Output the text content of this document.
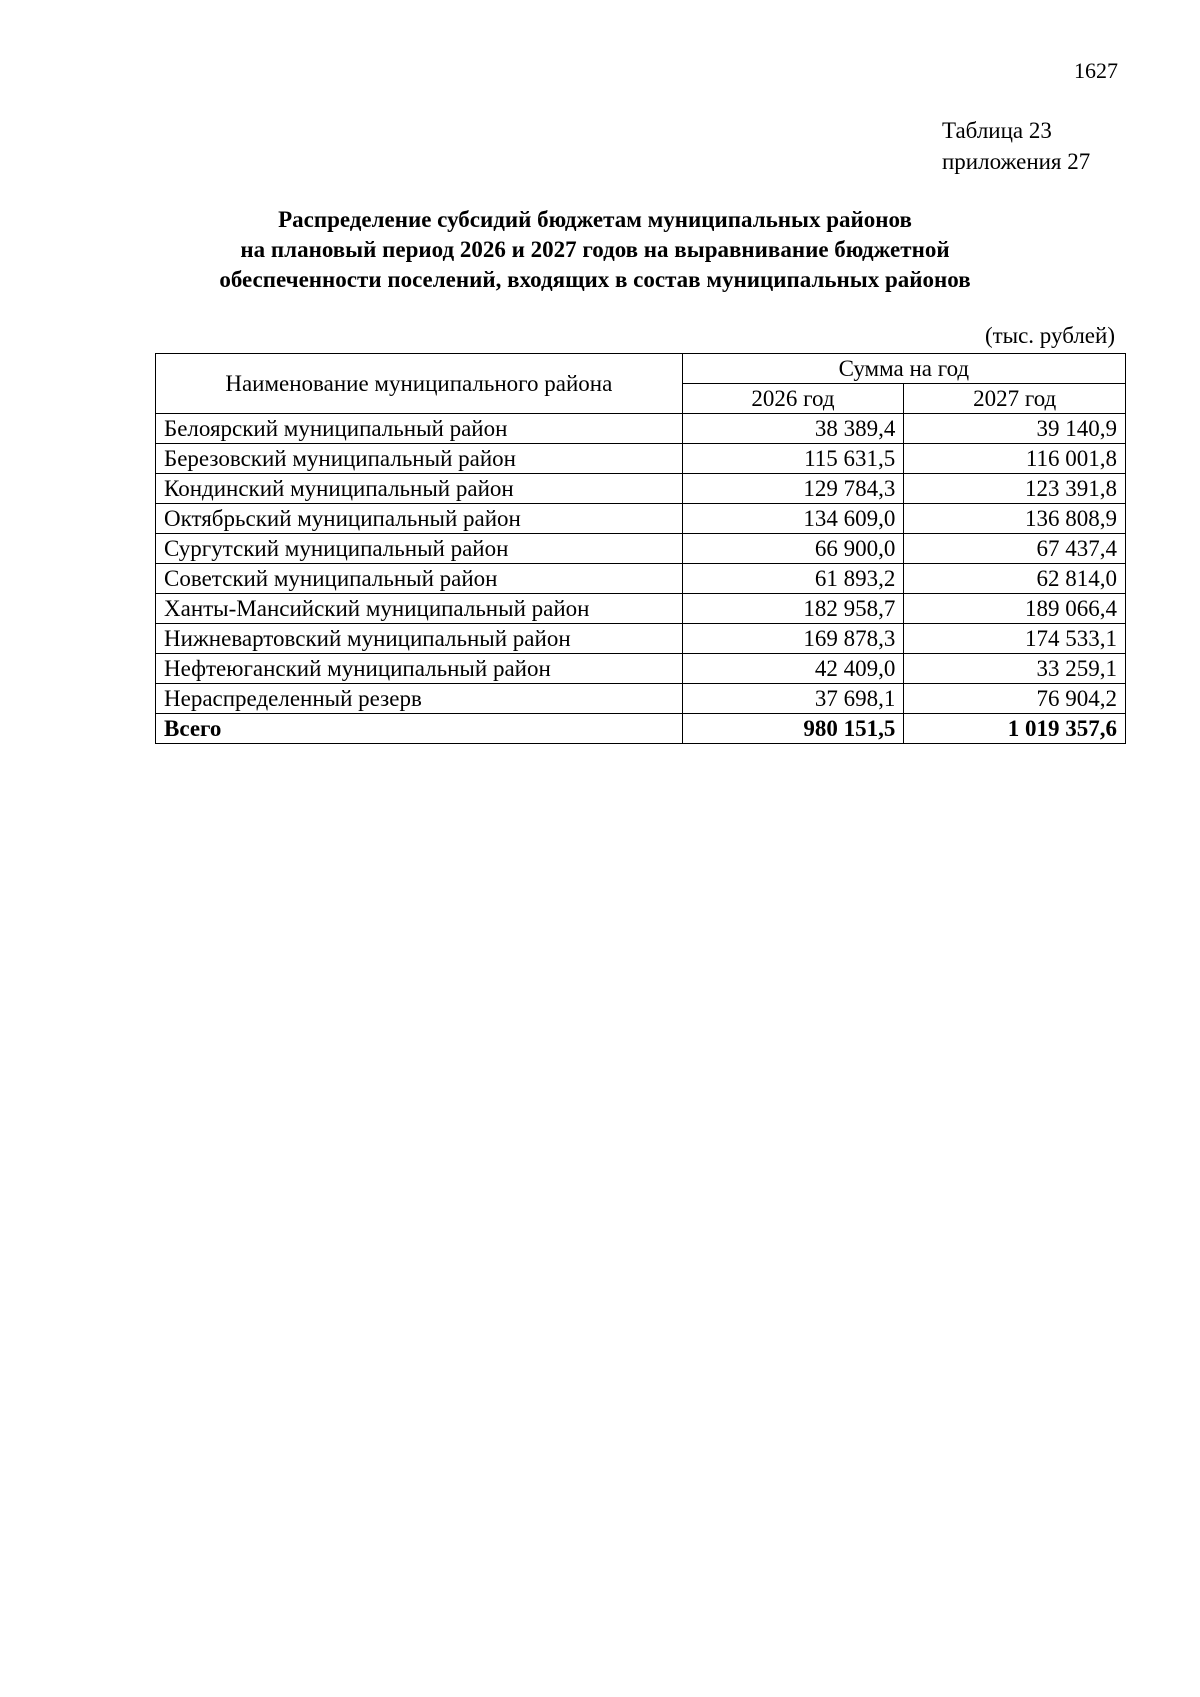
1627
Таблица 23
приложения 27
Распределение субсидий бюджетам муниципальных районов
на плановый период 2026 и 2027 годов на выравнивание бюджетной
обеспеченности поселений, входящих в состав муниципальных районов
(тыс. рублей)
Наименование муниципального района	Сумма на год	
	2026 год	2027 год
Белоярский муниципальный район	38 389,4	39 140,9
Березовский муниципальный район	115 631,5	116 001,8
Кондинский муниципальный район	129 784,3	123 391,8
Октябрьский муниципальный район	134 609,0	136 808,9
Сургутский муниципальный район	66 900,0	67 437,4
Советский муниципальный район	61 893,2	62 814,0
Ханты-Мансийский муниципальный район	182 958,7	189 066,4
Нижневартовский муниципальный район	169 878,3	174 533,1
Нефтеюганский муниципальный район	42 409,0	33 259,1
Нераспределенный резерв	37 698,1	76 904,2
Всего	980 151,5	1 019 357,6
